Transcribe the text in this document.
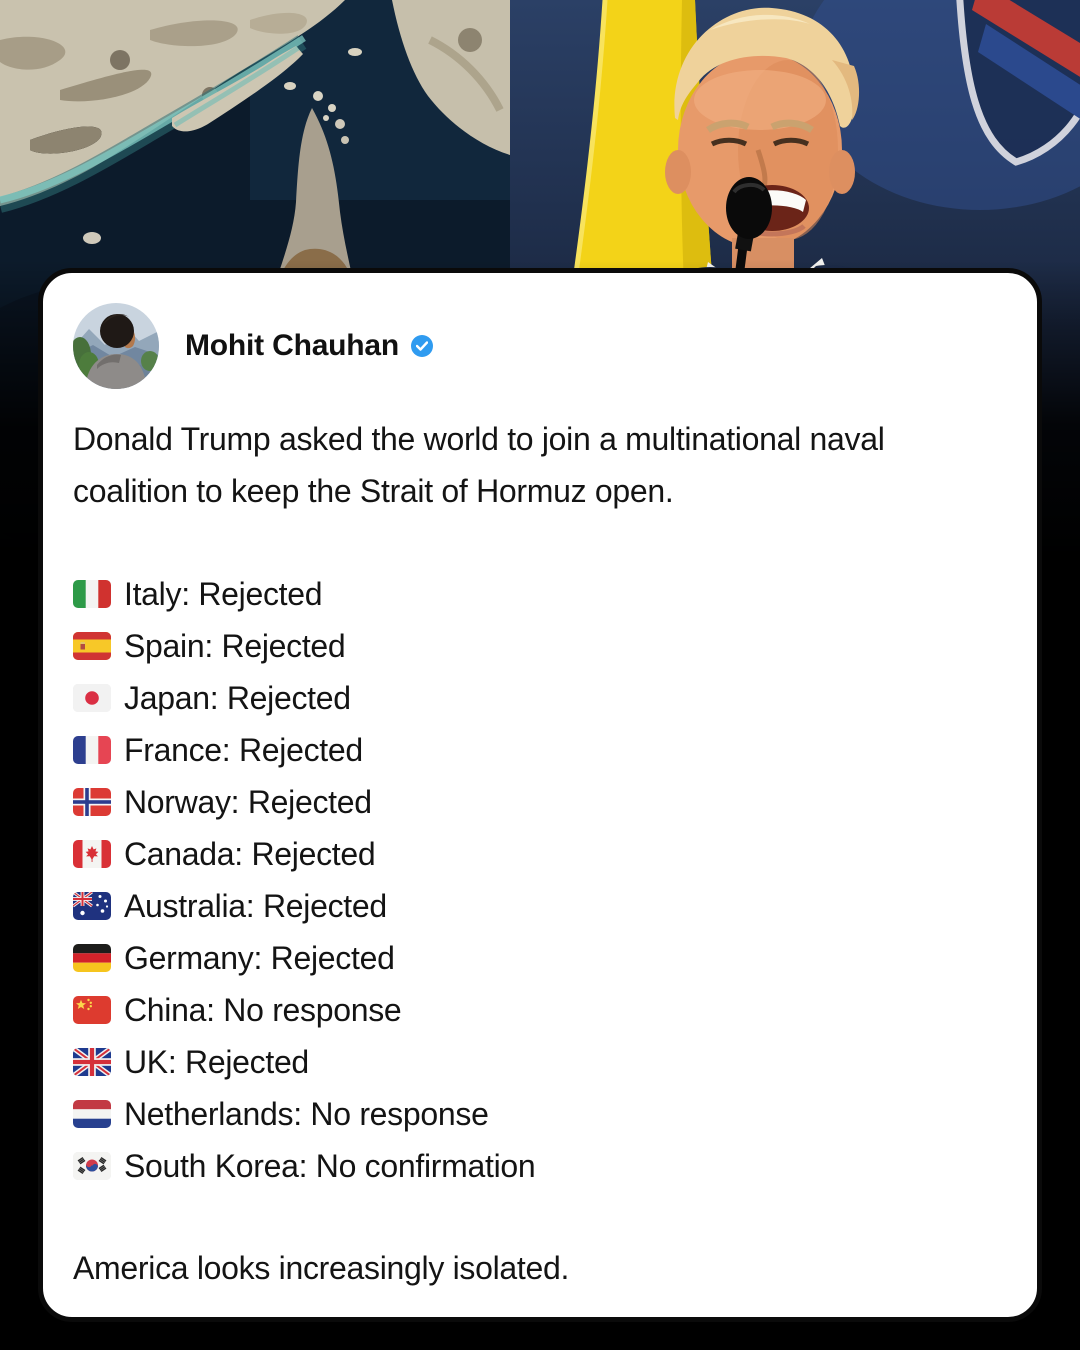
Mohit Chauhan
Donald Trump asked the world to join a multinational naval
coalition to keep the Strait of Hormuz open.
Italy: Rejected
Spain: Rejected
Japan: Rejected
France: Rejected
Norway: Rejected
Canada: Rejected
Australia: Rejected
Germany: Rejected
China: No response
UK: Rejected
Netherlands: No response
South Korea: No confirmation
America looks increasingly isolated.
